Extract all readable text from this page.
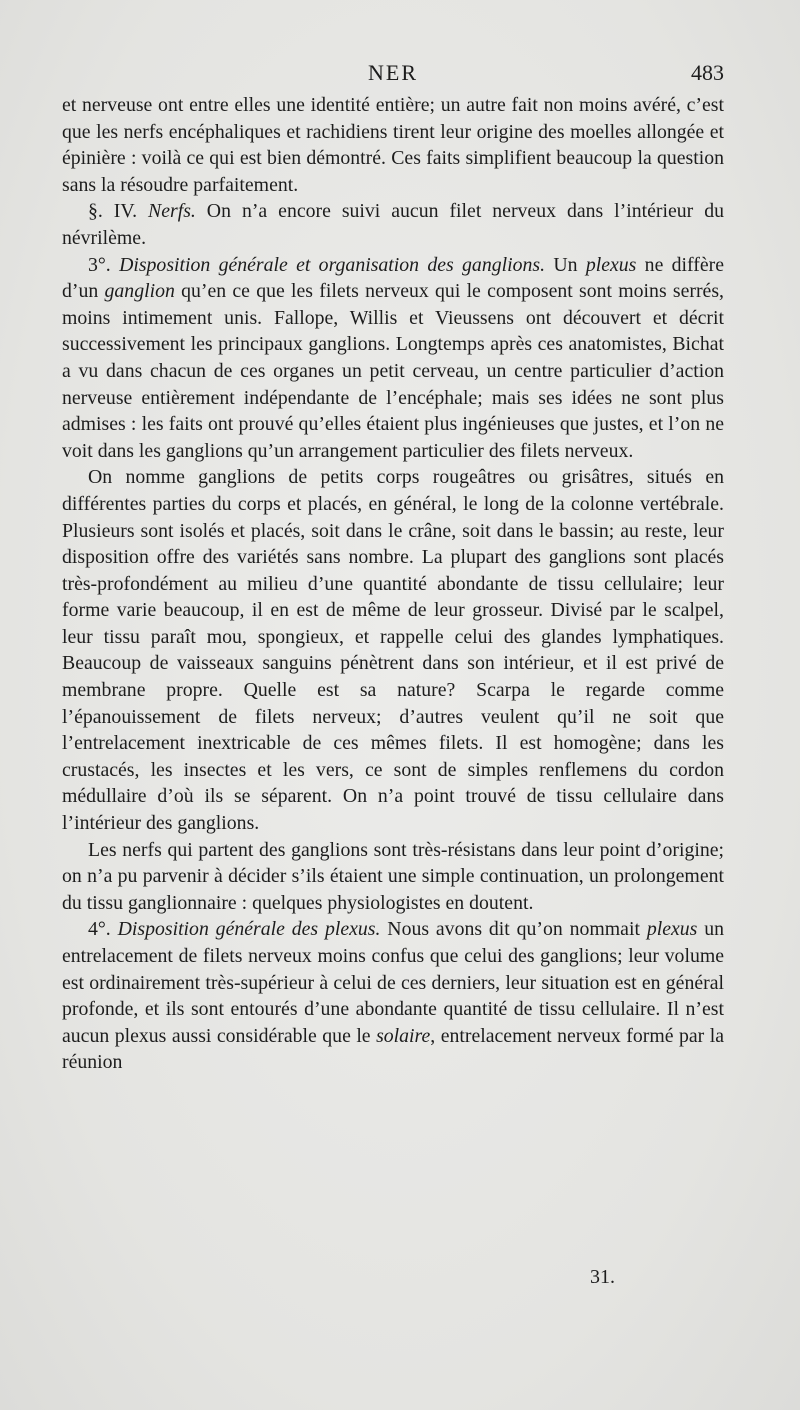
NER	483

et nerveuse ont entre elles une identité entière; un autre fait non moins avéré, c’est que les nerfs encéphaliques et rachidiens tirent leur origine des moelles allongée et épinière : voilà ce qui est bien démontré. Ces faits simplifient beaucoup la question sans la résoudre parfaitement.

§. IV. Nerfs. On n’a encore suivi aucun filet nerveux dans l’intérieur du névrilème.

3°. Disposition générale et organisation des ganglions. Un plexus ne diffère d’un ganglion qu’en ce que les filets nerveux qui le composent sont moins serrés, moins intimement unis. Fallope, Willis et Vieussens ont découvert et décrit successivement les principaux ganglions. Longtemps après ces anatomistes, Bichat a vu dans chacun de ces organes un petit cerveau, un centre particulier d’action nerveuse entièrement indépendante de l’encéphale; mais ses idées ne sont plus admises : les faits ont prouvé qu’elles étaient plus ingénieuses que justes, et l’on ne voit dans les ganglions qu’un arrangement particulier des filets nerveux.

On nomme ganglions de petits corps rougeâtres ou grisâtres, situés en différentes parties du corps et placés, en général, le long de la colonne vertébrale. Plusieurs sont isolés et placés, soit dans le crâne, soit dans le bassin; au reste, leur disposition offre des variétés sans nombre. La plupart des ganglions sont placés très-profondément au milieu d’une quantité abondante de tissu cellulaire; leur forme varie beaucoup, il en est de même de leur grosseur. Divisé par le scalpel, leur tissu paraît mou, spongieux, et rappelle celui des glandes lymphatiques. Beaucoup de vaisseaux sanguins pénètrent dans son intérieur, et il est privé de membrane propre. Quelle est sa nature? Scarpa le regarde comme l’épanouissement de filets nerveux; d’autres veulent qu’il ne soit que l’entrelacement inextricable de ces mêmes filets. Il est homogène; dans les crustacés, les insectes et les vers, ce sont de simples renflemens du cordon médullaire d’où ils se séparent. On n’a point trouvé de tissu cellulaire dans l’intérieur des ganglions.

Les nerfs qui partent des ganglions sont très-résistans dans leur point d’origine; on n’a pu parvenir à décider s’ils étaient une simple continuation, un prolongement du tissu ganglionnaire : quelques physiologistes en doutent.

4°. Disposition générale des plexus. Nous avons dit qu’on nommait plexus un entrelacement de filets nerveux moins confus que celui des ganglions; leur volume est ordinairement très-supérieur à celui de ces derniers, leur situation est en général profonde, et ils sont entourés d’une abondante quantité de tissu cellulaire. Il n’est aucun plexus aussi considérable que le solaire, entrelacement nerveux formé par la réunion

31.
